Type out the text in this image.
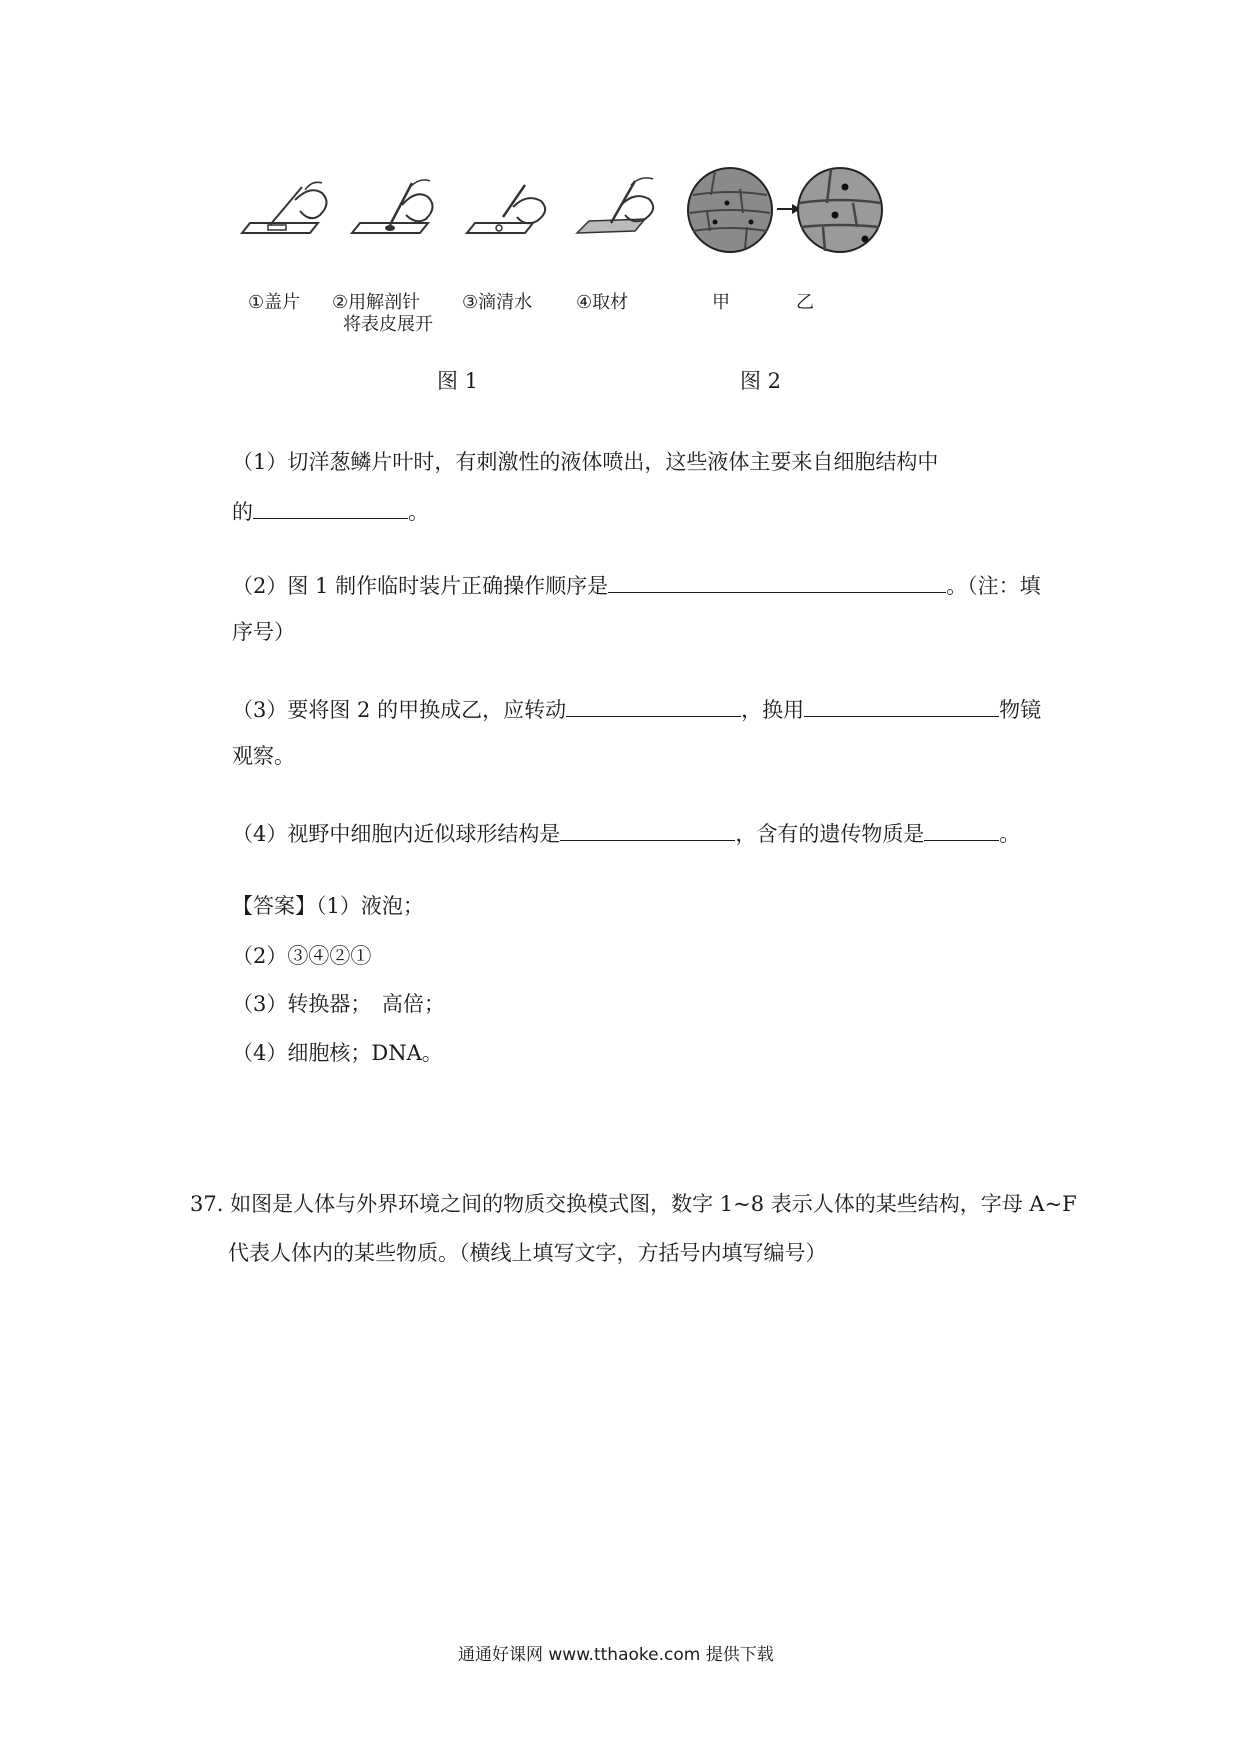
①盖片 ②用解剖针
将表皮展开
③滴清水 ④取材	甲	乙
图 1	图 2
（1）切洋葱鳞片叶时，有刺激性的液体喷出，这些液体主要来自细胞结构中
的	。
（2）图 1 制作临时装片正确操作顺序是	。（注：填
序号）
（3）要将图 2 的甲换成乙，应转动	，换用	物镜
观察。
（4）视野中细胞内近似球形结构是	，含有的遗传物质是	。
【答案】（1）液泡；
（2）③④②①
（3）转换器；　高倍；
（4）细胞核；DNA。
37. 如图是人体与外界环境之间的物质交换模式图，数字 1~8 表示人体的某些结构，字母 A~F
代表人体内的某些物质。（横线上填写文字，方括号内填写编号）
通通好课网 www.tthaoke.com 提供下载
